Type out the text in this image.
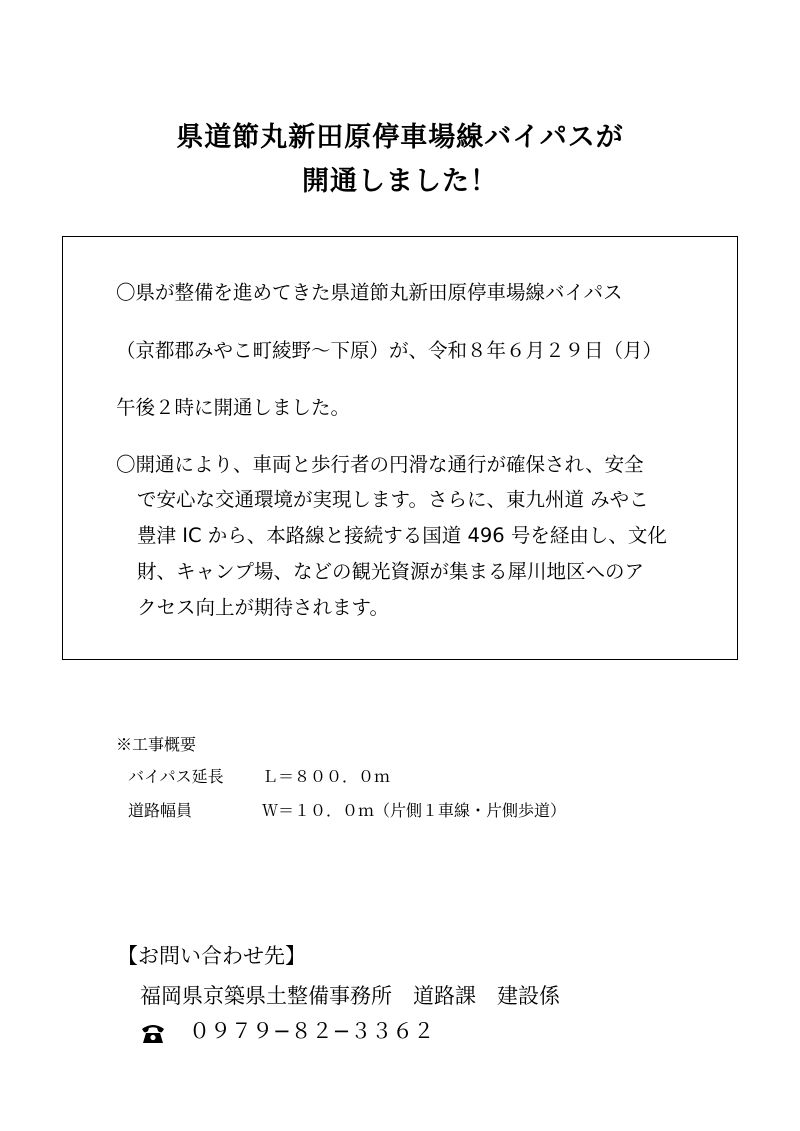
県道節丸新田原停車場線バイパスが
開通しました！
〇県が整備を進めてきた県道節丸新田原停車場線バイパス
（京都郡みやこ町綾野〜下原）が、令和８年６月２９日（月）
午後２時に開通しました。
〇開通により、車両と歩行者の円滑な通行が確保され、安全
で安心な交通環境が実現します。さらに、東九州道 みやこ
豊津 IC から、本路線と接続する国道 496 号を経由し、文化
財、キャンプ場、などの観光資源が集まる犀川地区へのア
クセス向上が期待されます。
※工事概要
バイパス延長 Ｌ＝８００．０ｍ
道路幅員	Ｗ＝１０．０ｍ（片側１車線・片側歩道）
【お問い合わせ先】
福岡県京築県土整備事務所　道路課　建設係
０９７９−８２−３３６２
